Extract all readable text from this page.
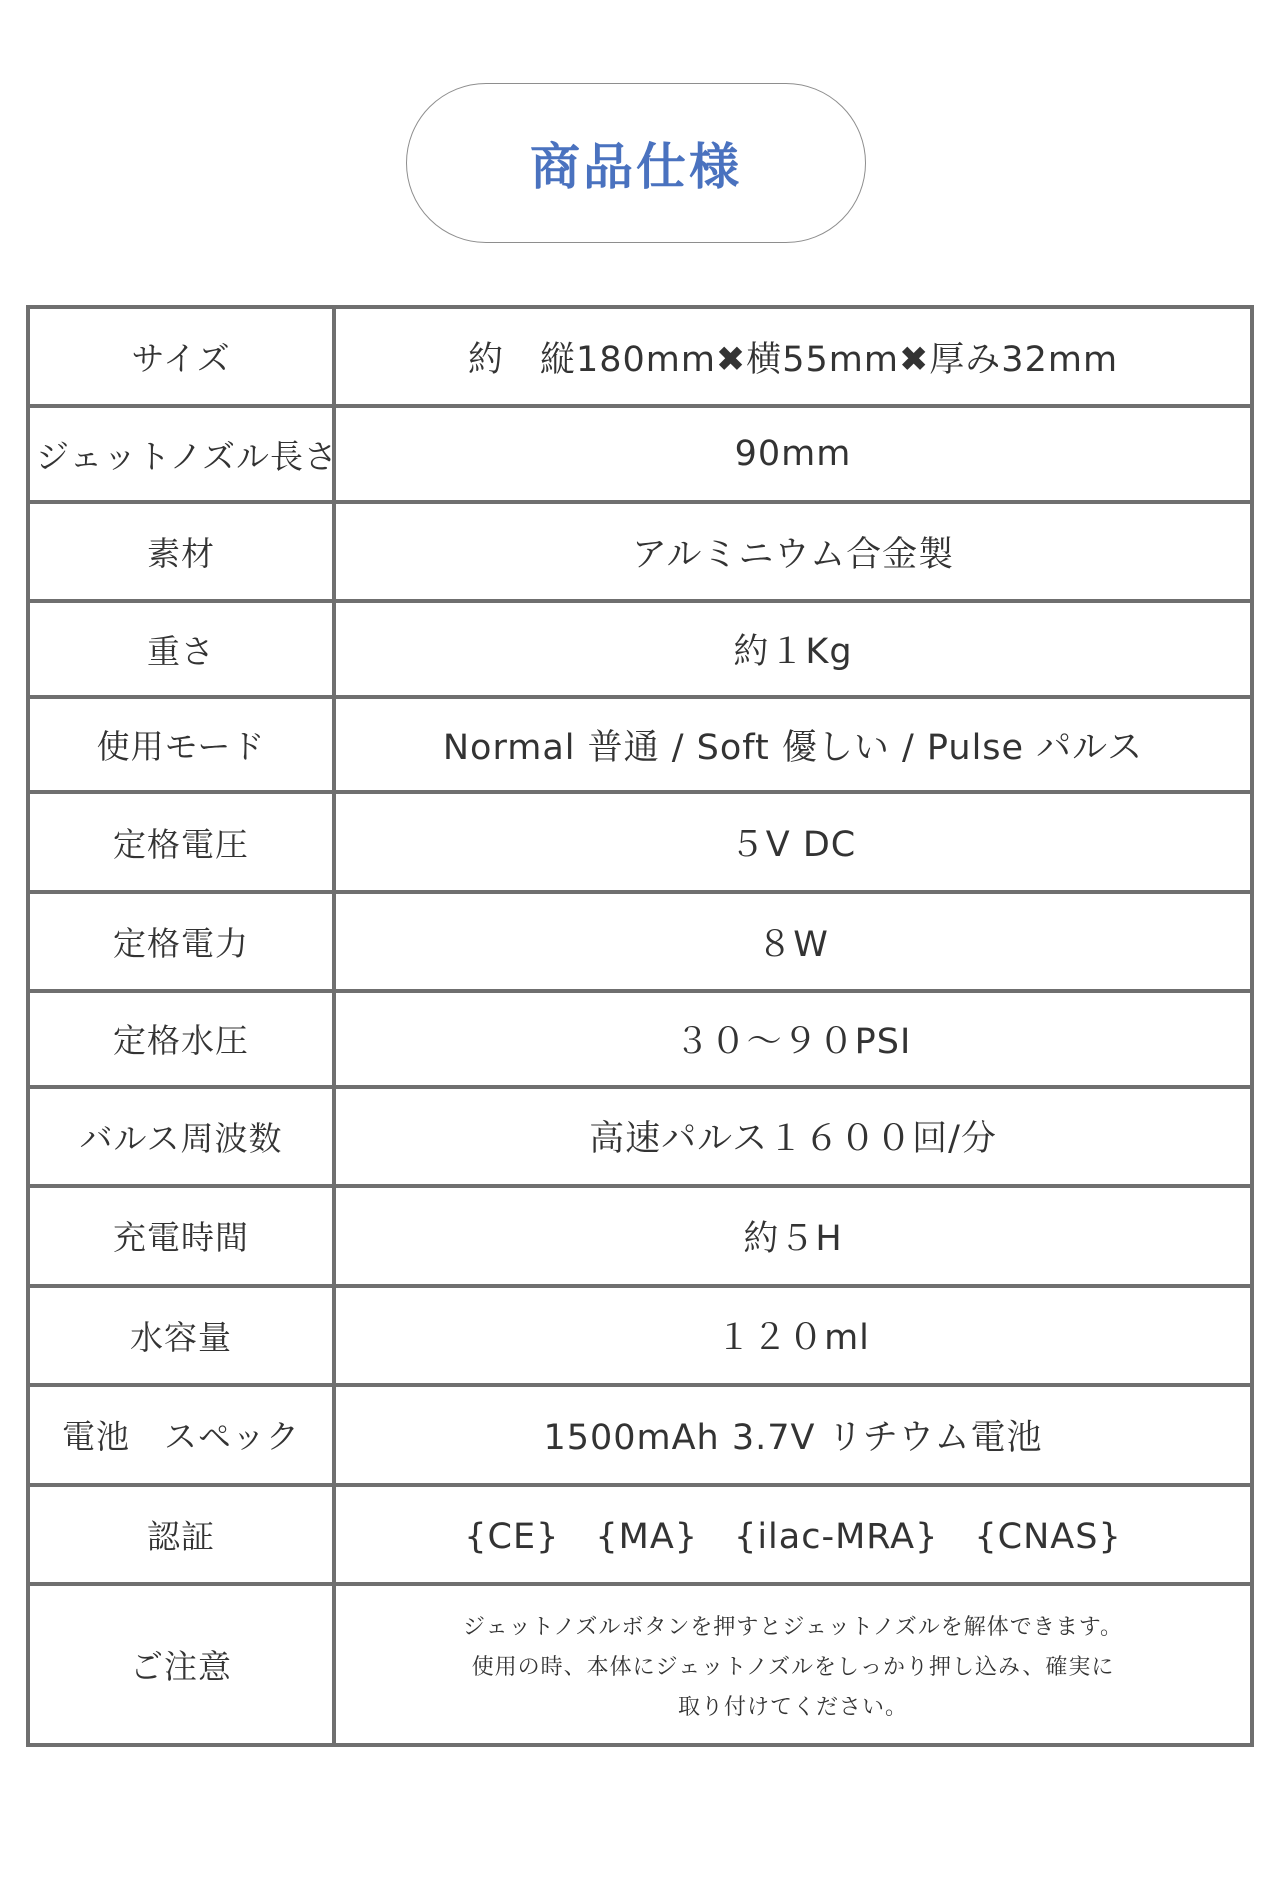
商品仕様
サイズ	約　縦180mm✖横55mm✖厚み32mm
ジェットノズル長さ	90mm
素材	アルミニウム合金製
重さ	約１Kg
使用モード	Normal 普通 / Soft 優しい / Pulse パルス
定格電圧	５V DC
定格電力	８W
定格水圧	３０～９０PSI
バルス周波数	高速パルス１６００回/分
充電時間	約５H
水容量	１２０ml
電池　スペック	1500mAh 3.7V リチウム電池
認証	{CE}　{MA}　{ilac-MRA}　{CNAS}
ご注意	ジェットノズルボタンを押すとジェットノズルを解体できます。
使用の時、本体にジェットノズルをしっかり押し込み、確実に
取り付けてください。
